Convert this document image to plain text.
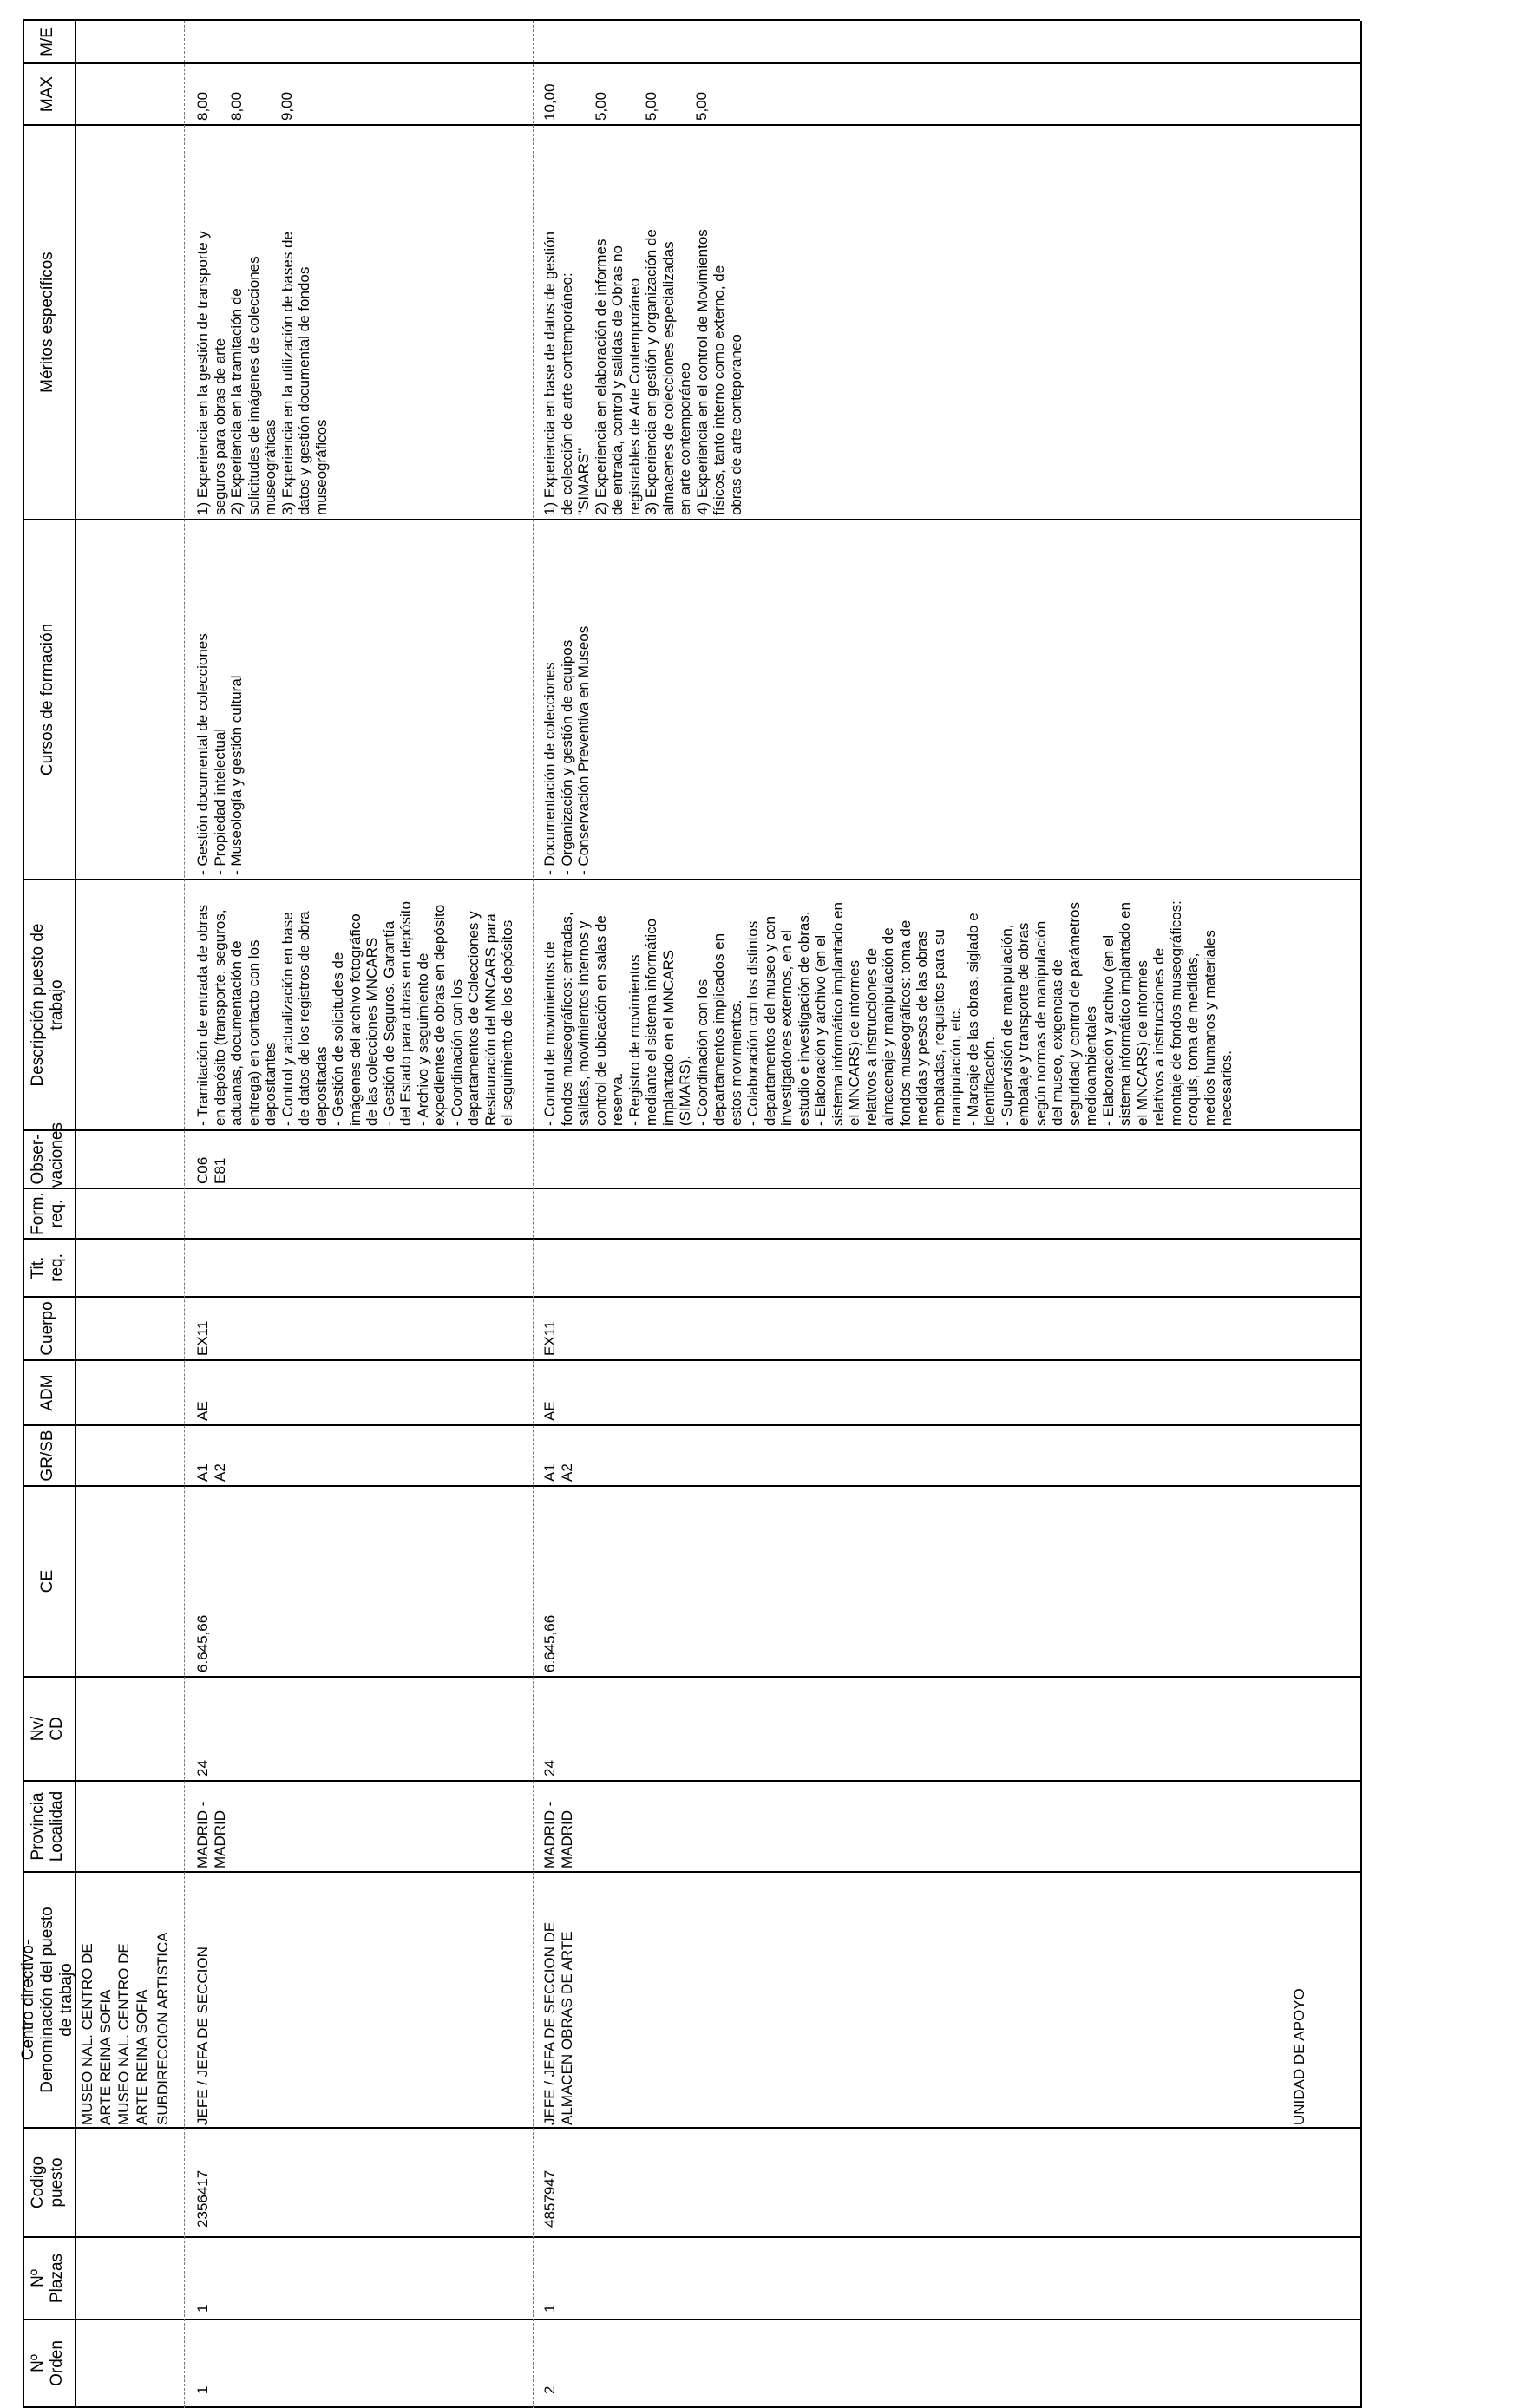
Nº
Orden
Nº
Plazas
Codigo
puesto
Centro directivo-
Denominación del puesto
de trabajo
Provincia
Localidad
Nv/
CD
CE
GR/SB
ADM
Cuerpo
Tit.
req.
Form.
req.
Obser-
vaciones
Descripción puesto de
trabajo
Cursos de formación
Méritos específicos
MAX
M/E
MUSEO NAL. CENTRO DE
ARTE REINA SOFIA
MUSEO NAL. CENTRO DE
ARTE REINA SOFIA SUBDIRECCION ARTISTICA	UNIDAD DE APOYO
1
1
2356417
JEFE / JEFA DE SECCION
MADRID -
MADRID
24
6.645,66
A1
A2
AE
EX11
C06
E81
- Tramitación de entrada de obras
en depósito (transporte, seguros,
aduanas, documentación de
entrega) en contacto con los
depositantes
- Control y actualización en base
de datos de los registros de obra
depositadas
- Gestión de solicitudes de
imágenes del archivo fotográfico
de las colecciones MNCARS
- Gestión de Seguros. Garantía
del Estado para obras en depósito
- Archivo y seguimiento de
expedientes de obras en depósito
- Coordinación con los
departamentos de Colecciones y
Restauración del MNCARS para
el seguimiento de los depósitos
- Gestión documental de colecciones
- Propiedad intelectual
- Museología y gestión cultural
1) Experiencia en la gestión de transporte y
seguros para obras de arte
2) Experiencia en la tramitación de
solicitudes de imágenes de colecciones
museográficas
3) Experiencia en la utilización de bases de
datos y gestión documental de fondos
museográficos
8,00 8,00 9,00
2
1
4857947
JEFE / JEFA DE SECCION DE
ALMACEN OBRAS DE ARTE
MADRID -
MADRID
24
6.645,66
A1
A2
AE
EX11
- Control de movimientos de
fondos museográficos: entradas,
salidas, movimientos internos y
control de ubicación en salas de
reserva.
- Registro de movimientos
mediante el sistema informático
implantado en el MNCARS
(SIMARS).
- Coordinación con los
departamentos implicados en
estos movimientos.
- Colaboración con los distintos
departamentos del museo y con
investigadores externos, en el
estudio e investigación de obras.
- Elaboración y archivo (en el
sistema informático implantado en
el MNCARS) de informes
relativos a instrucciones de
almacenaje y manipulación de
fondos museográficos: toma de
medidas y pesos de las obras
embaladas, requisitos para su
manipulación, etc.
- Marcaje de las obras, siglado e
identificación.
- Supervisión de manipulación,
embalaje y transporte de obras
según normas de manipulación
del museo, exigencias de
seguridad y control de parámetros
medioambientales
- Elaboración y archivo (en el
sistema informático implantado en
el MNCARS) de informes
relativos a instrucciones de
montaje de fondos museográficos:
croquis, toma de medidas,
medios humanos y materiales
necesarios.
- Documentación de colecciones
- Organización y gestión de equipos
- Conservación Preventiva en Museos
1) Experiencia en base de datos de gestión
de colección de arte contemporáneo:
"SIMARS"
2) Experiencia en elaboración de informes
de entrada, control y salidas de Obras no
registrables de Arte Contemporáneo
3) Experiencia en gestión y organización de
almacenes de colecciones especializadas
en arte contemporáneo
4) Experiencia en el control de Movimientos
físicos, tanto interno como externo, de
obras de arte conteporaneo
10,00 5,00 5,00 5,00
